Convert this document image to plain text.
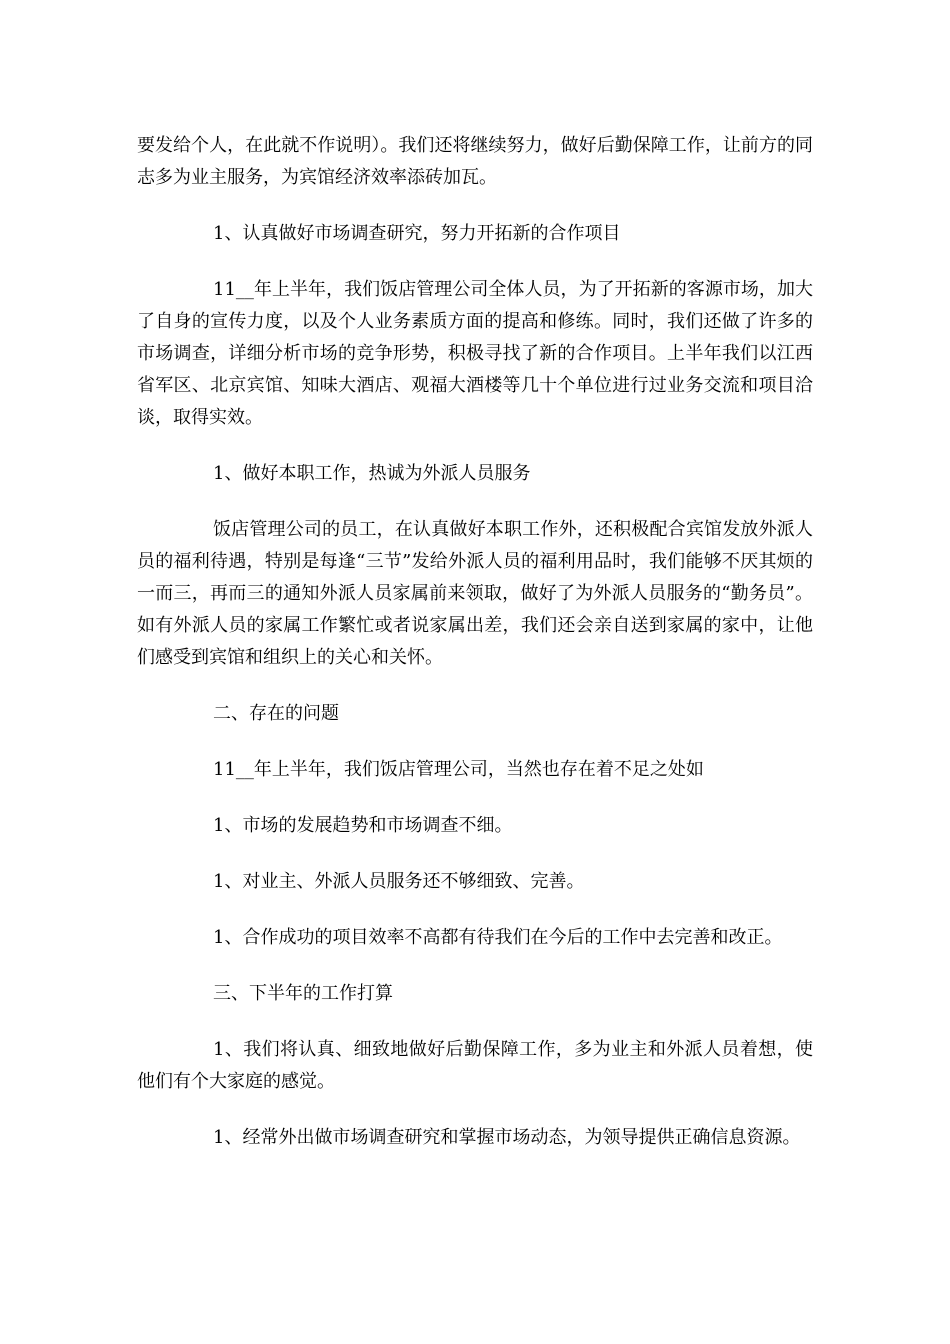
要发给个人，在此就不作说明）。我们还将继续努力，做好后勤保障工作，让前方的同志多为业主服务，为宾馆经济效率添砖加瓦。

1、认真做好市场调查研究，努力开拓新的合作项目

11__年上半年，我们饭店管理公司全体人员，为了开拓新的客源市场，加大了自身的宣传力度，以及个人业务素质方面的提高和修练。同时，我们还做了许多的市场调查，详细分析市场的竞争形势，积极寻找了新的合作项目。上半年我们以江西省军区、北京宾馆、知味大酒店、观福大酒楼等几十个单位进行过业务交流和项目洽谈，取得实效。

1、做好本职工作，热诚为外派人员服务

饭店管理公司的员工，在认真做好本职工作外，还积极配合宾馆发放外派人员的福利待遇，特别是每逢“三节”发给外派人员的福利用品时，我们能够不厌其烦的一而三，再而三的通知外派人员家属前来领取，做好了为外派人员服务的“勤务员”。如有外派人员的家属工作繁忙或者说家属出差，我们还会亲自送到家属的家中，让他们感受到宾馆和组织上的关心和关怀。

二、存在的问题

11__年上半年，我们饭店管理公司，当然也存在着不足之处如

1、市场的发展趋势和市场调查不细。

1、对业主、外派人员服务还不够细致、完善。

1、合作成功的项目效率不高都有待我们在今后的工作中去完善和改正。

三、下半年的工作打算

1、我们将认真、细致地做好后勤保障工作，多为业主和外派人员着想，使他们有个大家庭的感觉。

1、经常外出做市场调查研究和掌握市场动态，为领导提供正确信息资源。
